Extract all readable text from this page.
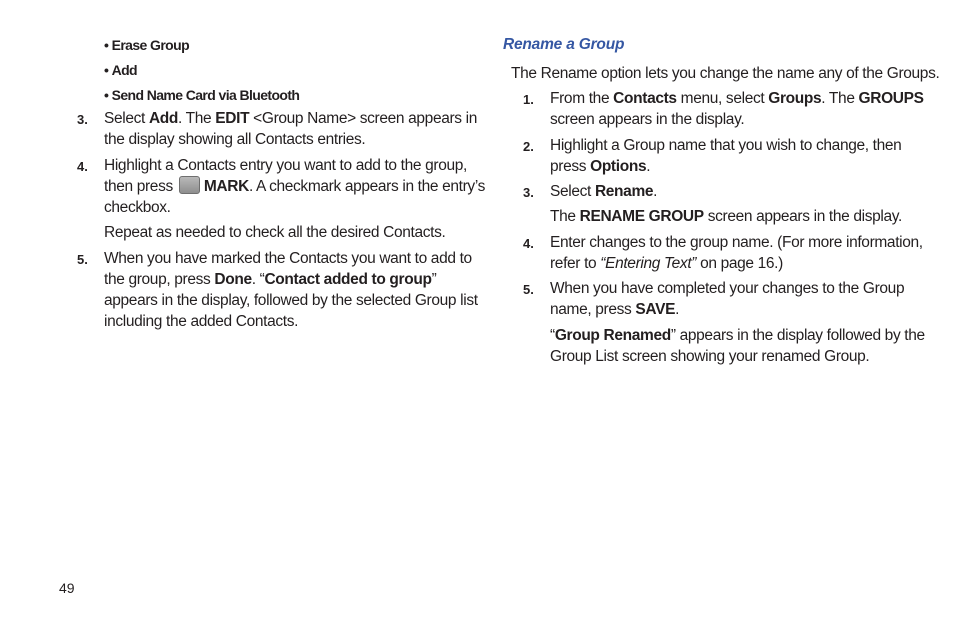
• Erase Group
• Add
• Send Name Card via Bluetooth
3. Select Add. The EDIT <Group Name> screen appears in
the display showing all Contacts entries.
4. Highlight a Contacts entry you want to add to the group,
then press MARK. A checkmark appears in the entry’s
checkbox.
Repeat as needed to check all the desired Contacts.
5. When you have marked the Contacts you want to add to
the group, press Done. “Contact added to group”
appears in the display, followed by the selected Group list
including the added Contacts.
Rename a Group
The Rename option lets you change the name any of the Groups.
1. From the Contacts menu, select Groups. The GROUPS
screen appears in the display.
2. Highlight a Group name that you wish to change, then
press Options.
3. Select Rename.
The RENAME GROUP screen appears in the display.
4. Enter changes to the group name. (For more information,
refer to “Entering Text” on page 16.)
5. When you have completed your changes to the Group
name, press SAVE.
“Group Renamed” appears in the display followed by the
Group List screen showing your renamed Group.
49
